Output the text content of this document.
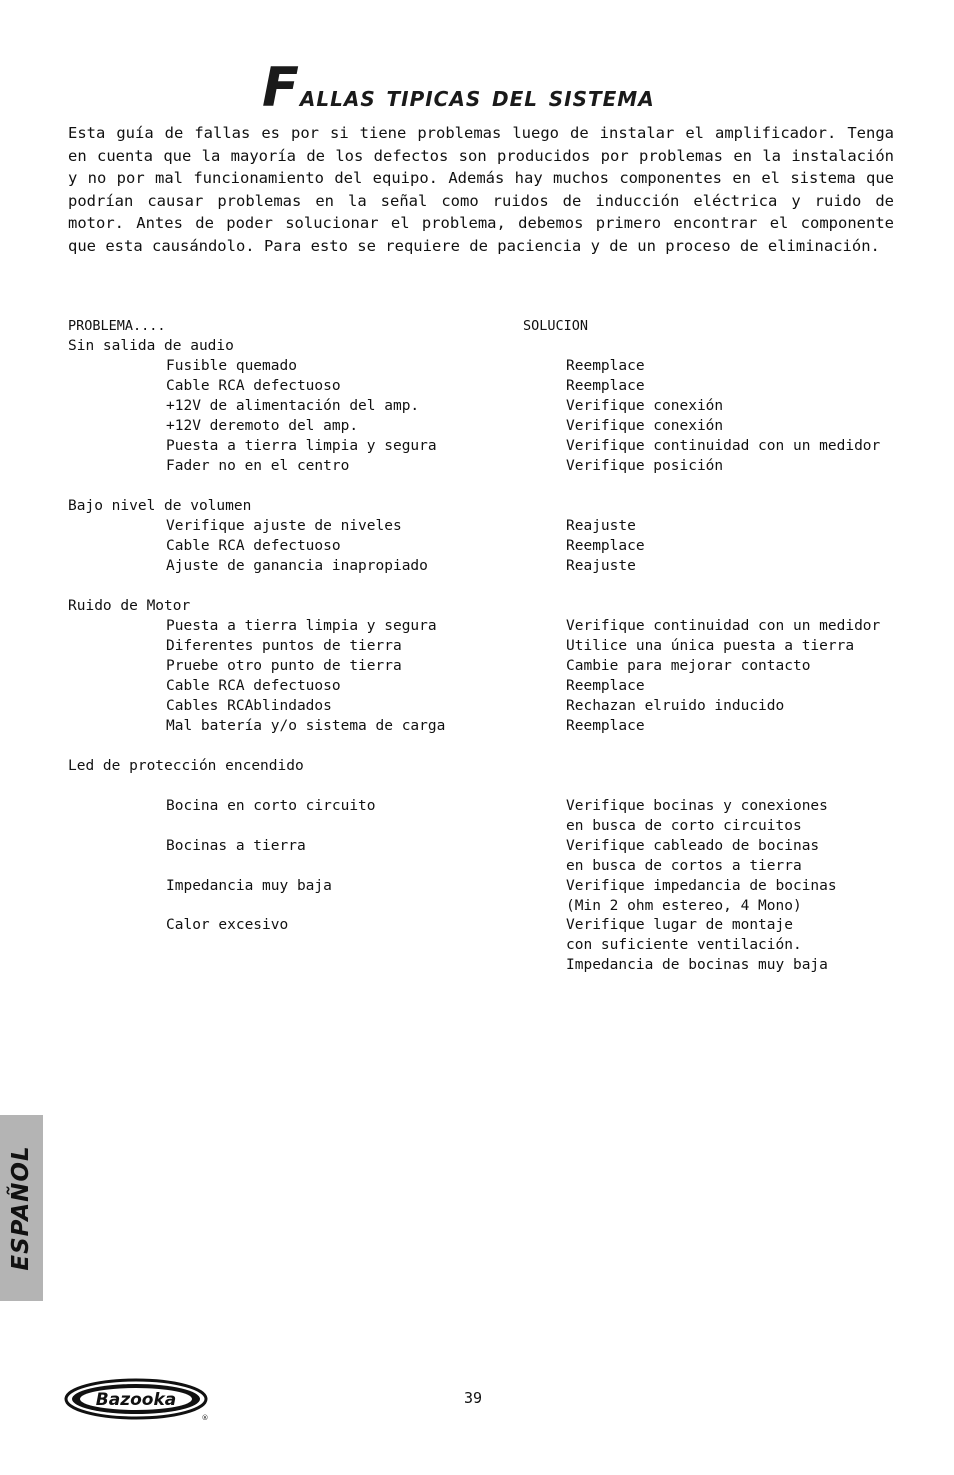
Fallas tipicas del sistema

Esta guía de fallas es por si tiene problemas luego de instalar el amplificador. Tenga en cuenta que la mayoría de los defectos son producidos por problemas en la instalación y no por mal funcionamiento del equipo. Además hay muchos componentes en el sistema que podrían causar problemas en la señal como ruidos de inducción eléctrica y ruido de motor. Antes de poder solucionar el problema, debemos primero encontrar el componente que esta causándolo. Para esto se requiere de paciencia y de un proceso de eliminación.

PROBLEMA....	SOLUCION
Sin salida de audio
Fusible quemado	Reemplace
Cable RCA defectuoso	Reemplace
+12V de alimentación del amp.	Verifique conexión
+12V deremoto del amp.	Verifique conexión
Puesta a tierra limpia y segura	Verifique continuidad con un medidor
Fader no en el centro	Verifique posición
Bajo nivel de volumen
Verifique ajuste de niveles	Reajuste
Cable RCA defectuoso	Reemplace
Ajuste de ganancia inapropiado	Reajuste
Ruido de Motor
Puesta a tierra limpia y segura	Verifique continuidad con un medidor
Diferentes puntos de tierra	Utilice una única puesta a tierra
Pruebe otro punto de tierra	Cambie para mejorar contacto
Cable RCA defectuoso	Reemplace
Cables RCAblindados	Rechazan elruido inducido
Mal batería y/o sistema de carga	Reemplace
Led de protección encendido
Bocina en corto circuito	Verifique bocinas y conexiones
en busca de corto circuitos
Bocinas a tierra	Verifique cableado de bocinas
en busca de cortos a tierra
Impedancia muy baja	Verifique impedancia de bocinas
(Min 2 ohm estereo, 4 Mono)
Calor excesivo	Verifique lugar de montaje
con suficiente ventilación.
Impedancia de bocinas muy baja
ESPAÑOL
Bazooka
®
39
